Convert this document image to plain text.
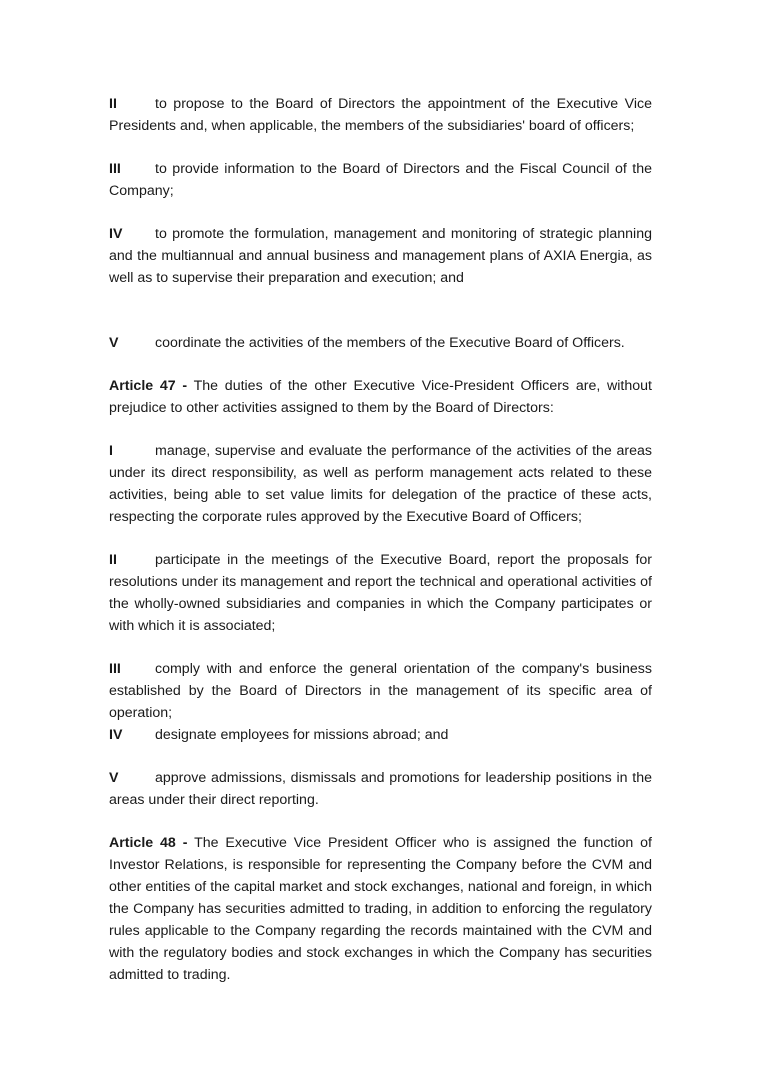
II	to propose to the Board of Directors the appointment of the Executive Vice Presidents and, when applicable, the members of the subsidiaries' board of officers;

III to provide information to the Board of Directors and the Fiscal Council of the Company;

IV to promote the formulation, management and monitoring of strategic planning and the multiannual and annual business and management plans of AXIA Energia, as well as to supervise their preparation and execution; and

V	coordinate the activities of the members of the Executive Board of Officers.

Article 47 - The duties of the other Executive Vice-President Officers are, without prejudice to other activities assigned to them by the Board of Directors:

I	manage, supervise and evaluate the performance of the activities of the areas under its direct responsibility, as well as perform management acts related to these activities, being able to set value limits for delegation of the practice of these acts, respecting the corporate rules approved by the Executive Board of Officers;

II	participate in the meetings of the Executive Board, report the proposals for resolutions under its management and report the technical and operational activities of the wholly-owned subsidiaries and companies in which the Company participates or with which it is associated;

III comply with and enforce the general orientation of the company's business established by the Board of Directors in the management of its specific area of operation;

IV designate employees for missions abroad; and

V	approve admissions, dismissals and promotions for leadership positions in the areas under their direct reporting.

Article 48 - The Executive Vice President Officer who is assigned the function of Investor Relations, is responsible for representing the Company before the CVM and other entities of the capital market and stock exchanges, national and foreign, in which the Company has securities admitted to trading, in addition to enforcing the regulatory rules applicable to the Company regarding the records maintained with the CVM and with the regulatory bodies and stock exchanges in which the Company has securities admitted to trading.
